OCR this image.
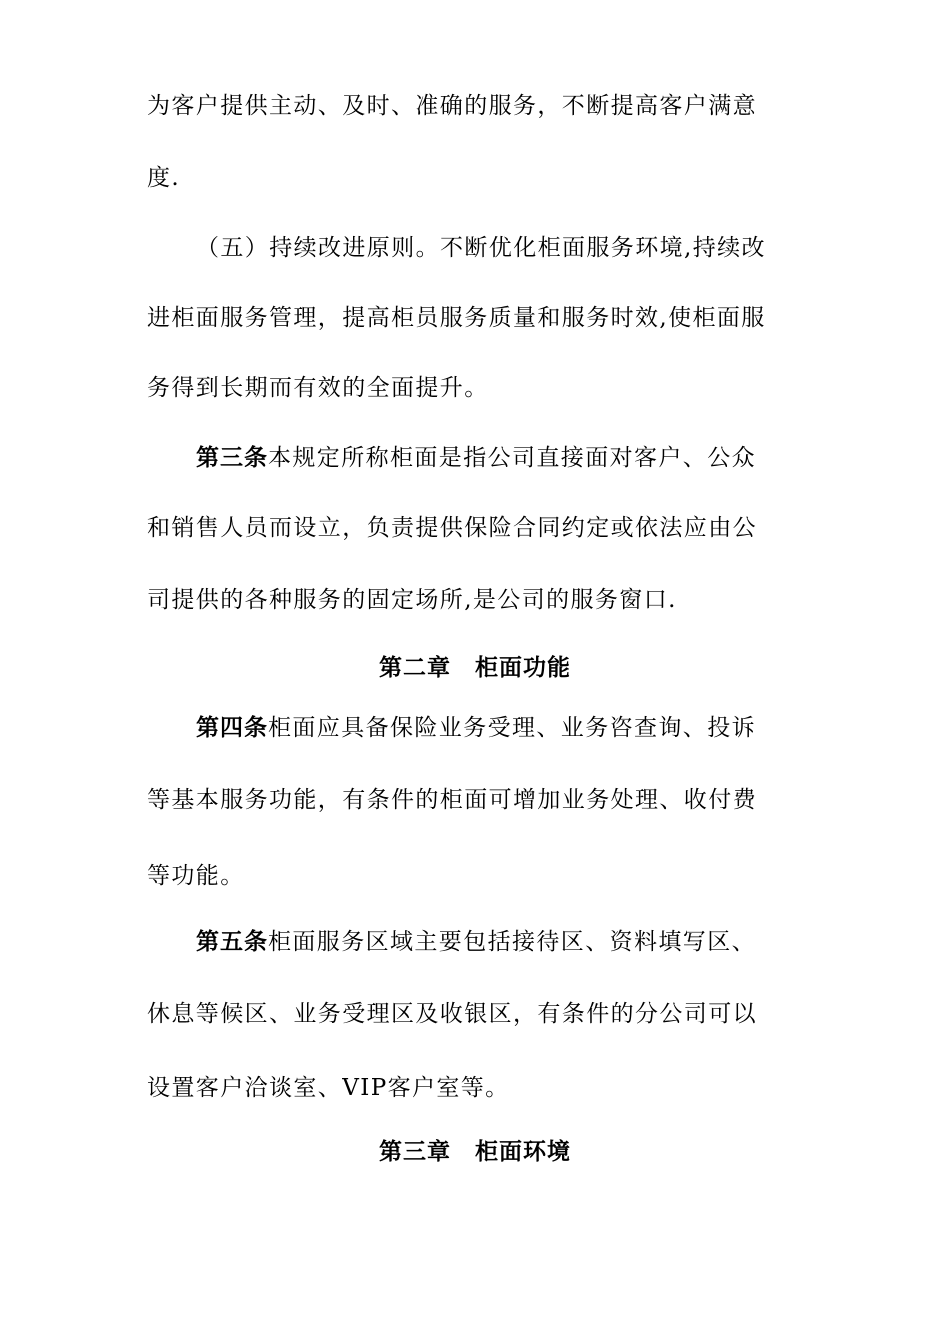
为客户提供主动、及时、准确的服务，不断提高客户满意
度.
（五）持续改进原则。不断优化柜面服务环境,持续改
进柜面服务管理，提高柜员服务质量和服务时效,使柜面服
务得到长期而有效的全面提升。
第三条本规定所称柜面是指公司直接面对客户、公众
和销售人员而设立，负责提供保险合同约定或依法应由公
司提供的各种服务的固定场所,是公司的服务窗口.
第二章　柜面功能
第四条柜面应具备保险业务受理、业务咨查询、投诉
等基本服务功能，有条件的柜面可增加业务处理、收付费
等功能。
第五条柜面服务区域主要包括接待区、资料填写区、
休息等候区、业务受理区及收银区，有条件的分公司可以
设置客户洽谈室、VIP客户室等。
第三章　柜面环境
